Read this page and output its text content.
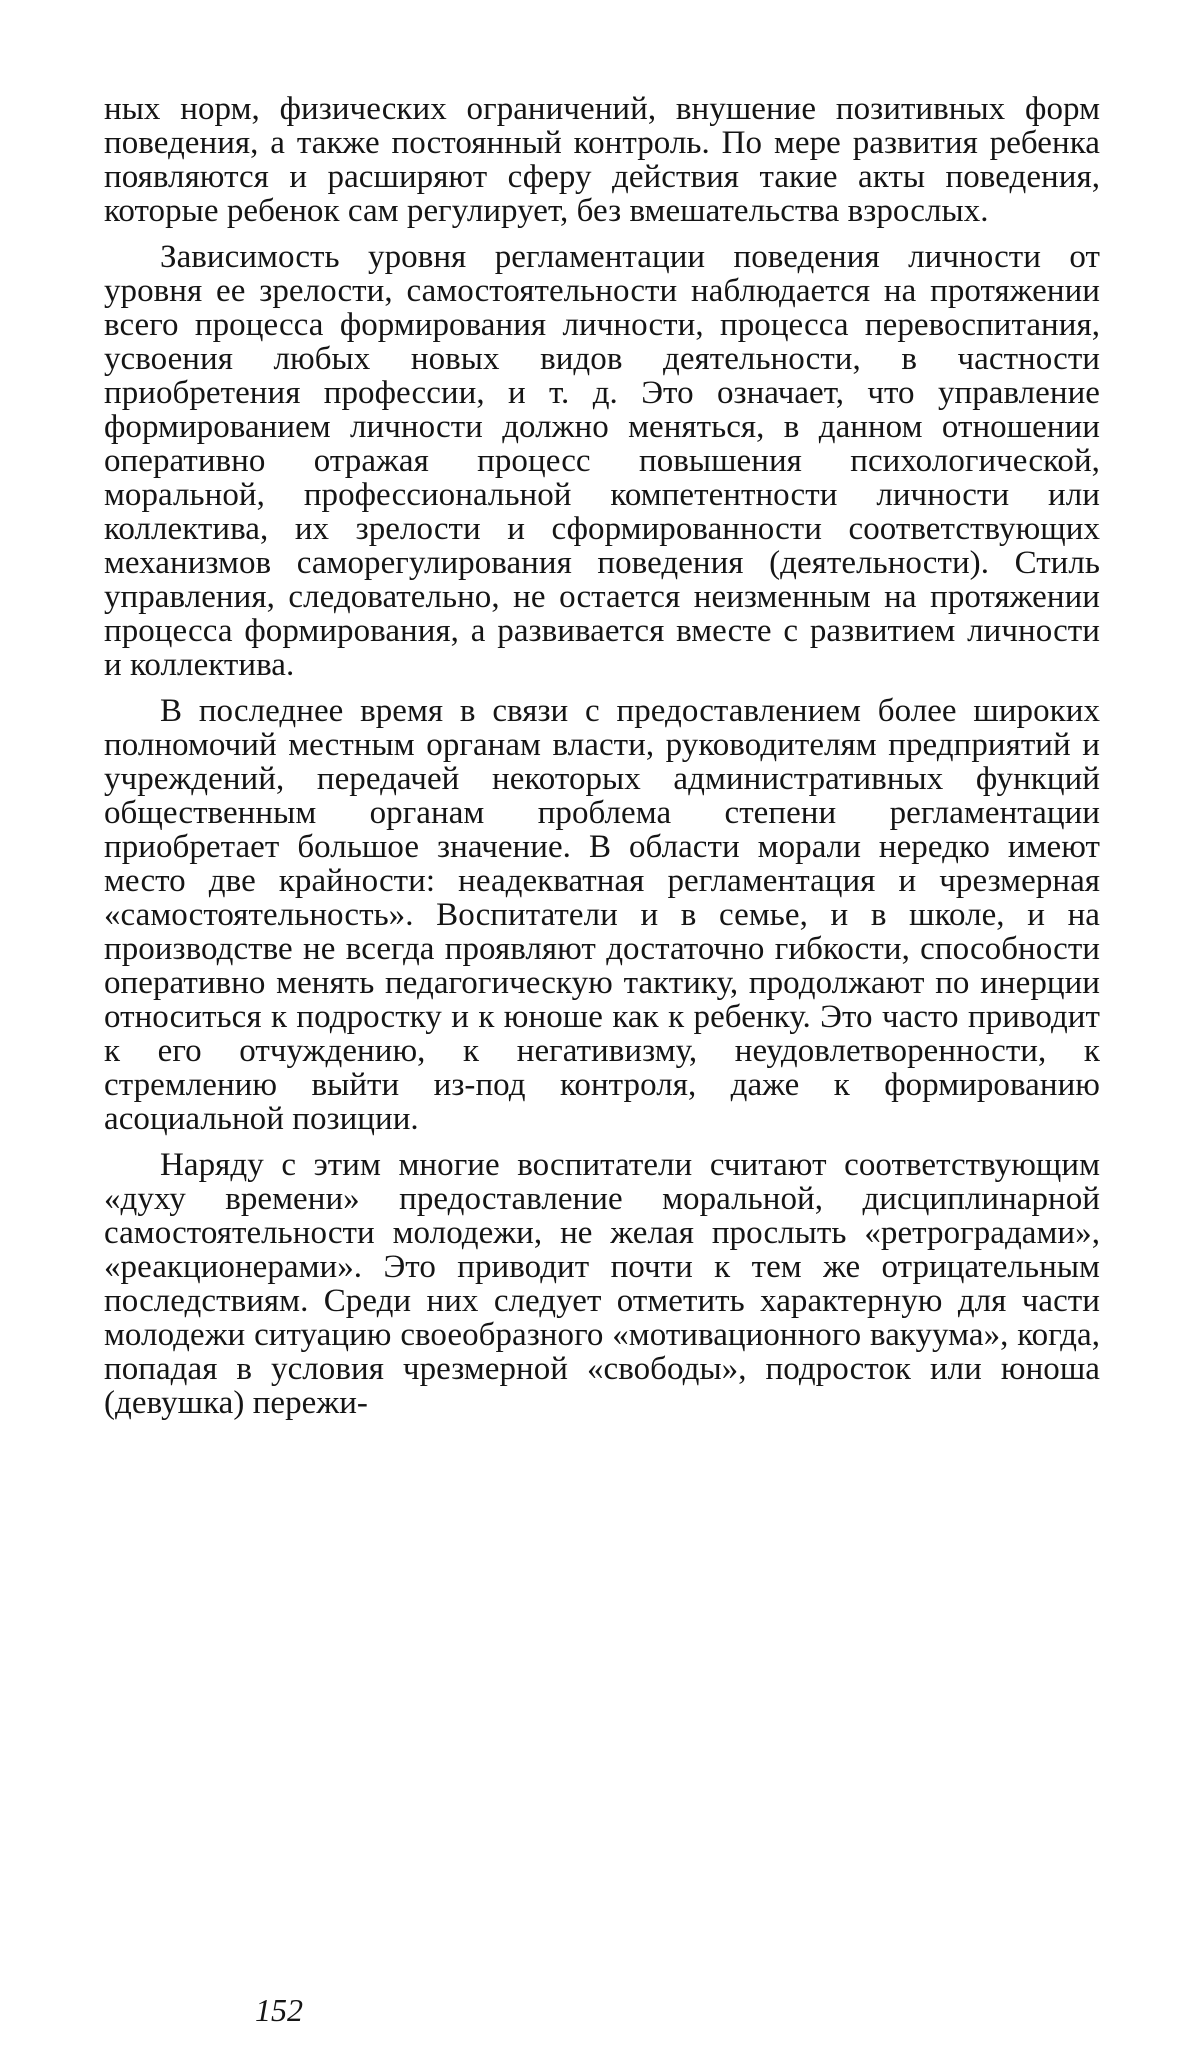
ных норм, физических ограничений, внушение позитивных форм поведения, а также постоянный контроль. По мере развития ребенка появляются и расширяют сферу действия такие акты поведения, которые ребенок сам регулирует, без вмешательства взрослых.

Зависимость уровня регламентации поведения личности от уровня ее зрелости, самостоятельности наблюдается на протяжении всего процесса формирования личности, процесса перевоспитания, усвоения любых новых видов деятельности, в частности приобретения профессии, и т. д. Это означает, что управление формированием личности должно меняться, в данном отношении оперативно отражая процесс повышения психологической, моральной, профессиональной компетентности личности или коллектива, их зрелости и сформированности соответствующих механизмов саморегулирования поведения (деятельности). Стиль управления, следовательно, не остается неизменным на протяжении процесса формирования, а развивается вместе с развитием личности и коллектива.

В последнее время в связи с предоставлением более широких полномочий местным органам власти, руководителям предприятий и учреждений, передачей некоторых административных функций общественным органам проблема степени регламентации приобретает большое значение. В области морали нередко имеют место две крайности: неадекватная регламентация и чрезмерная «самостоятельность». Воспитатели и в семье, и в школе, и на производстве не всегда проявляют достаточно гибкости, способности оперативно менять педагогическую тактику, продолжают по инерции относиться к подростку и к юноше как к ребенку. Это часто приводит к его отчуждению, к негативизму, неудовлетворенности, к стремлению выйти из-под контроля, даже к формированию асоциальной позиции.

Наряду с этим многие воспитатели считают соответствующим «духу времени» предоставление моральной, дисциплинарной самостоятельности молодежи, не желая прослыть «ретроградами», «реакционерами». Это приводит почти к тем же отрицательным последствиям. Среди них следует отметить характерную для части молодежи ситуацию своеобразного «мотивационного вакуума», когда, попадая в условия чрезмерной «свободы», подросток или юноша (девушка) пережи-

152
